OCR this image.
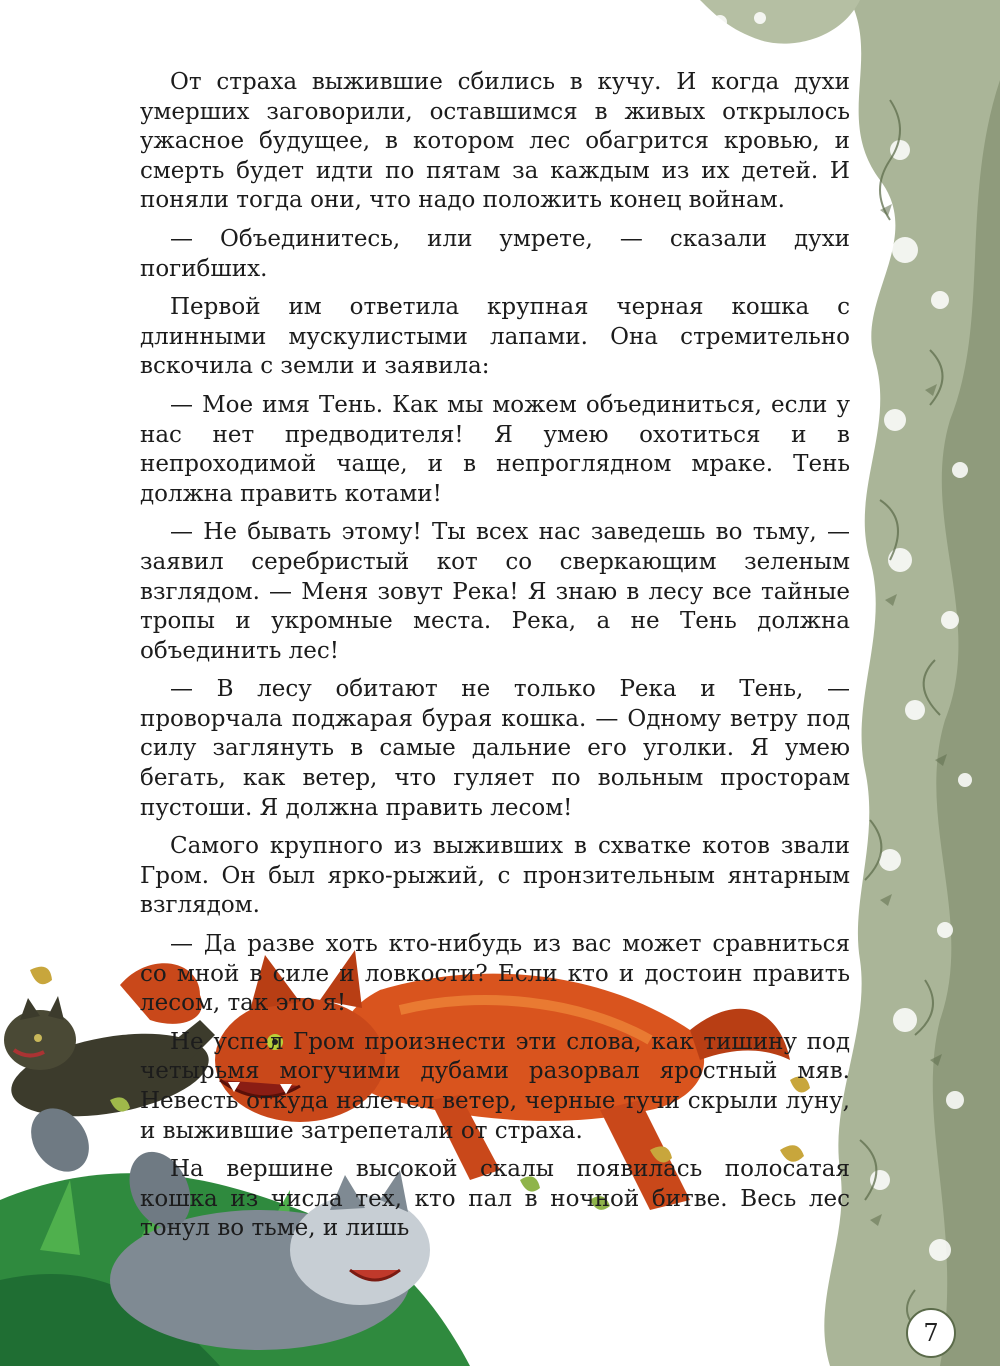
От страха выжившие сбились в кучу. И когда духи умерших заговорили, оставшимся в живых открылось ужасное будущее, в котором лес обагрится кровью, и смерть будет идти по пятам за каждым из их детей. И поняли тогда они, что надо положить конец войнам.

— Объединитесь, или умрете, — сказали духи погибших.

Первой им ответила крупная черная кошка с длинными мускулистыми лапами. Она стремительно вскочила с земли и заявила:

— Мое имя Тень. Как мы можем объединиться, если у нас нет предводителя! Я умею охотиться и в непроходимой чаще, и в непроглядном мраке. Тень должна править котами!

— Не бывать этому! Ты всех нас заведешь во тьму, — заявил серебристый кот со сверкающим зеленым взглядом. — Меня зовут Река! Я знаю в лесу все тайные тропы и укромные места. Река, а не Тень должна объединить лес!

— В лесу обитают не только Река и Тень, — проворчала поджарая бурая кошка. — Одному ветру под силу заглянуть в самые дальние его уголки. Я умею бегать, как ветер, что гуляет по вольным просторам пустоши. Я должна править лесом!

Самого крупного из выживших в схватке котов звали Гром. Он был ярко-рыжий, с пронзительным янтарным взглядом.

— Да разве хоть кто-нибудь из вас может сравниться со мной в силе и ловкости? Если кто и достоин править лесом, так это я!

Не успел Гром произнести эти слова, как тишину под четырьмя могучими дубами разорвал яростный мяв. Невесть откуда налетел ветер, черные тучи скрыли луну, и выжившие затрепетали от страха.

На вершине высокой скалы появилась полосатая кошка из числа тех, кто пал в ночной битве. Весь лес тонул во тьме, и лишь

7
